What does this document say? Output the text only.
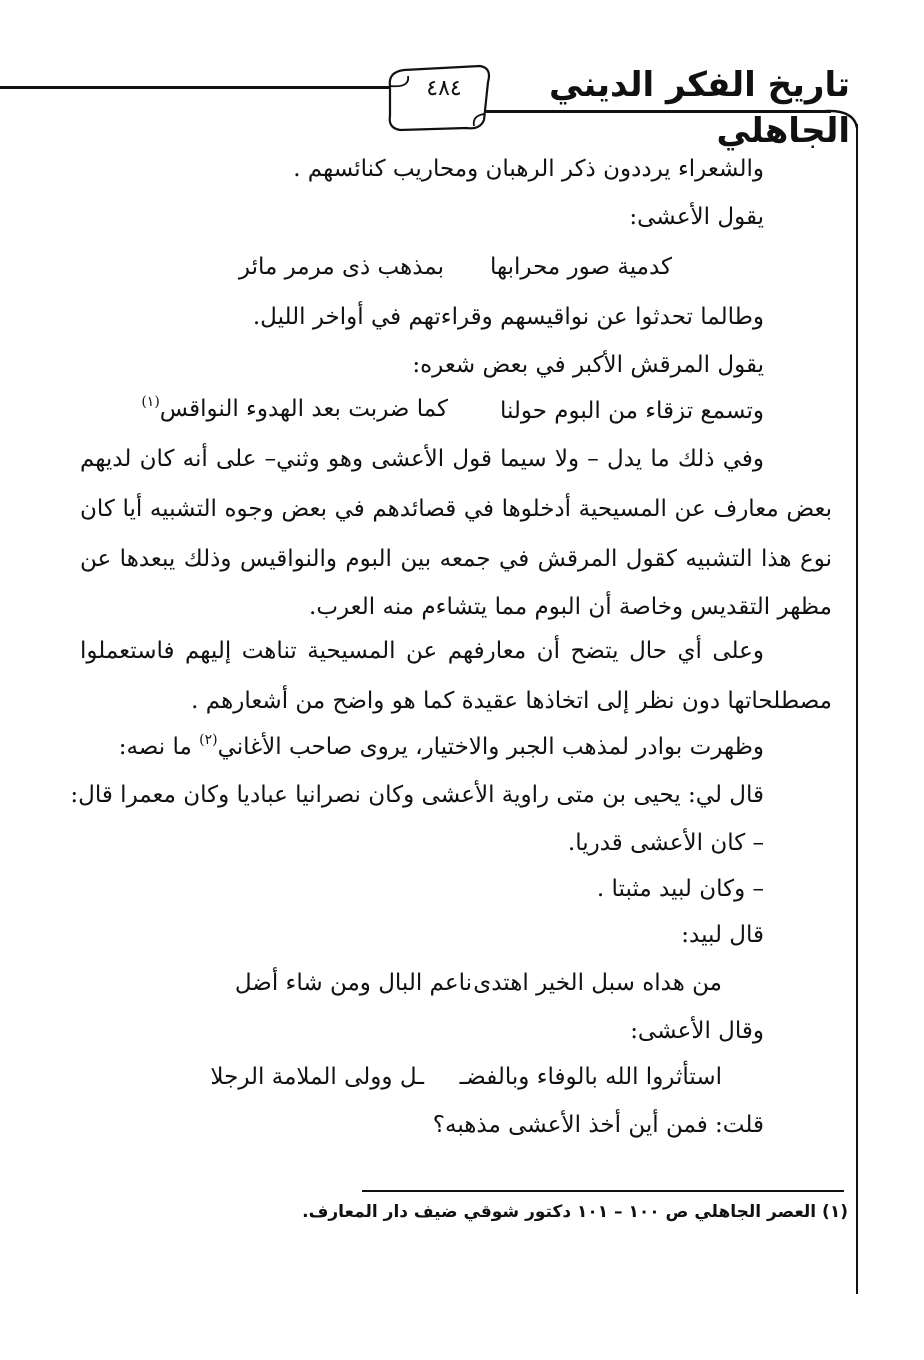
تاريخ الفكر الديني الجاهلي
٤٨٤
والشعراء يرددون ذكر الرهبان ومحاريب كنائسهم .
يقول الأعشى:
كدمية صور محرابها
بمذهب ذى مرمر مائر
وطالما تحدثوا عن نواقيسهم وقراءتهم في أواخر الليل.
يقول المرقش الأكبر في بعض شعره:
وتسمع تزقاء من البوم حولنا
كما ضربت بعد الهدوء النواقس$^{(١)}$
وفي ذلك ما يدل – ولا سيما قول الأعشى وهو وثني– على أنه كان لديهم
بعض معارف عن المسيحية أدخلوها في قصائدهم في بعض وجوه التشبيه أيا كان
نوع هذا التشبيه كقول المرقش في جمعه بين البوم والنواقيس وذلك يبعدها عن
مظهر التقديس وخاصة أن البوم مما يتشاءم منه العرب.
وعلى أي حال يتضح أن معارفهم عن المسيحية تناهت إليهم فاستعملوا
مصطلحاتها دون نظر إلى اتخاذها عقيدة كما هو واضح من أشعارهم .
وظهرت بوادر لمذهب الجبر والاختيار، يروى صاحب الأغاني$^{(٢)}$ ما نصه:
قال لي: يحيى بن متى راوية الأعشى وكان نصرانيا عباديا وكان معمرا قال:
– كان الأعشى قدريا.
– وكان لبيد مثبتا .
قال لبيد:
من هداه سبل الخير اهتدى
ناعم البال ومن شاء أضل
وقال الأعشى:
استأثروا الله بالوفاء وبالفضـ
ـل وولى الملامة الرجلا
قلت: فمن أين أخذ الأعشى مذهبه؟
(١) العصر الجاهلي ص ١٠٠ – ١٠١ دكتور شوقي ضيف دار المعارف.
